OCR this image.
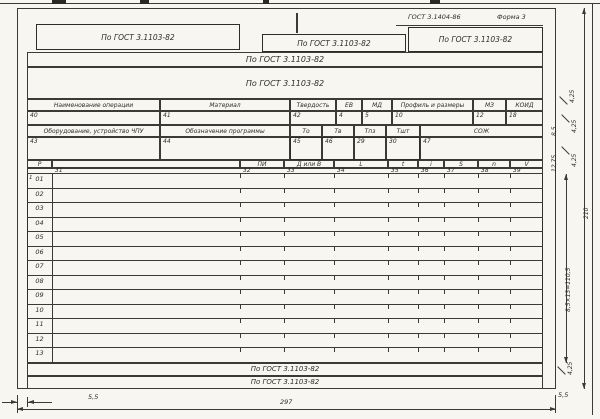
ГОСТ 3.1404-86	Форма 3
По ГОСТ 3.1103-82
По ГОСТ 3.1103-82	По ГОСТ 3.1103-82
По ГОСТ 3.1103-82
По ГОСТ 3.1103-82
Наименование операции	Материал	Твердость	ЕВ	МД	Профиль и размеры	МЗ	КОИД
40	41	42	4	5	10	12	18
Оборудование, устройство ЧПУ	Обозначение программы	То	Тв	Тпз	Тшт	СОЖ
43	44	45	46	29	30	47
Р	ПИ	Д или В	L	t	i	S	n	V
31	32	33	34	35	36	37	38	39
01
02
03
04
05
06
07
08
09
10
11
12
13
По ГОСТ 3.1103-82
По ГОСТ 3.1103-82
210
8,5×13=110,5
4,25
4,25
8,5
4,25
12,75
4,25
5,5
5,5
297
